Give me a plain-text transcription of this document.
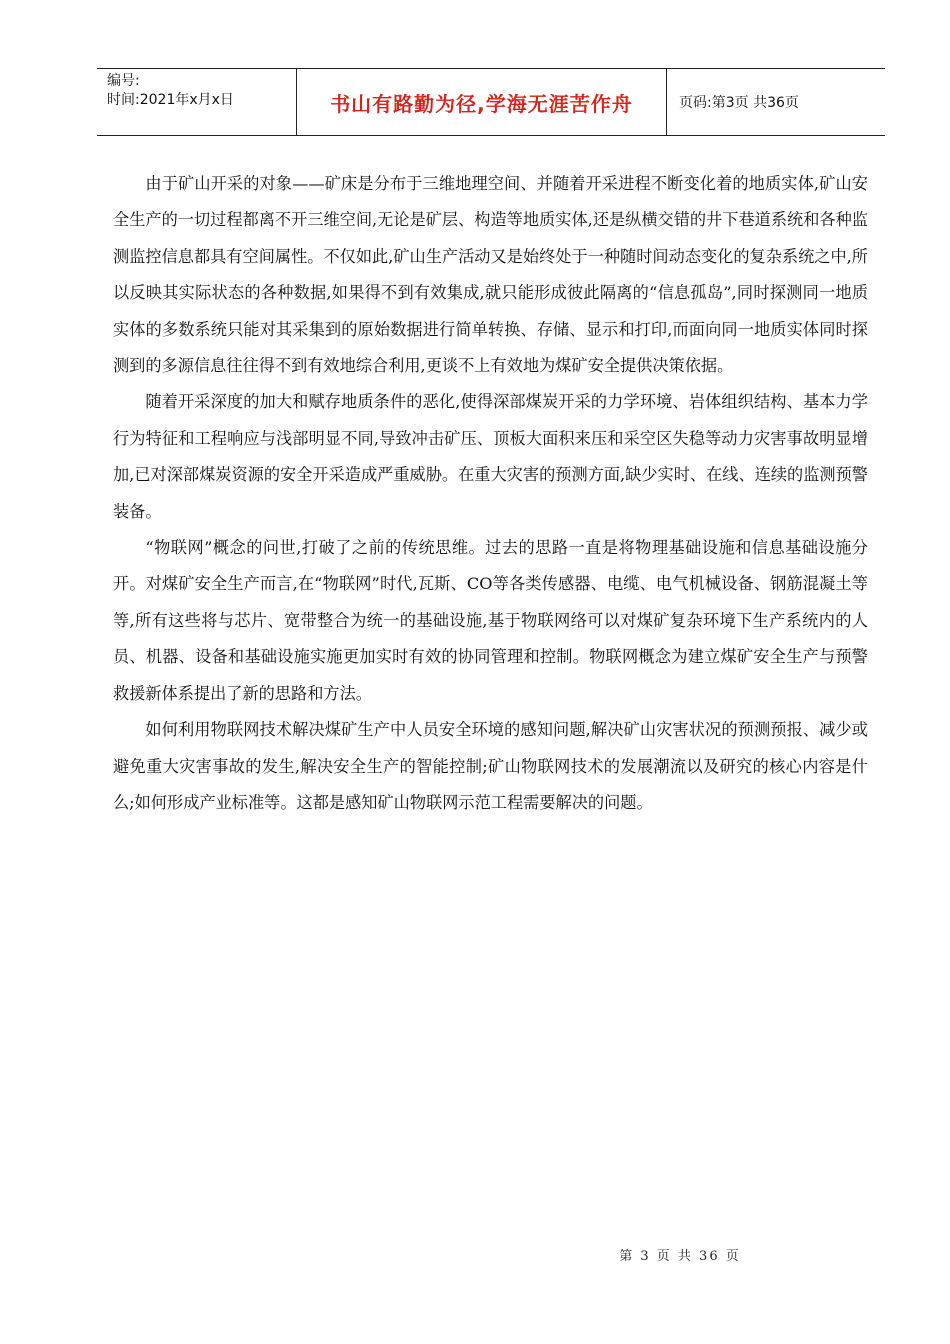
编号:
时间:2021年x月x日	书山有路勤为径,学海无涯苦作舟	页码:第3页 共36页

由于矿山开采的对象——矿床是分布于三维地理空间、并随着开采进程不断变化着的地质实体,矿山安全生产的一切过程都离不开三维空间,无论是矿层、构造等地质实体,还是纵横交错的井下巷道系统和各种监测监控信息都具有空间属性。不仅如此,矿山生产活动又是始终处于一种随时间动态变化的复杂系统之中,所以反映其实际状态的各种数据,如果得不到有效集成,就只能形成彼此隔离的“信息孤岛”,同时探测同一地质实体的多数系统只能对其采集到的原始数据进行简单转换、存储、显示和打印,而面向同一地质实体同时探测到的多源信息往往得不到有效地综合利用,更谈不上有效地为煤矿安全提供决策依据。

随着开采深度的加大和赋存地质条件的恶化,使得深部煤炭开采的力学环境、岩体组织结构、基本力学行为特征和工程响应与浅部明显不同,导致冲击矿压、顶板大面积来压和采空区失稳等动力灾害事故明显增加,已对深部煤炭资源的安全开采造成严重威胁。在重大灾害的预测方面,缺少实时、在线、连续的监测预警装备。

“物联网”概念的问世,打破了之前的传统思维。过去的思路一直是将物理基础设施和信息基础设施分开。对煤矿安全生产而言,在“物联网”时代,瓦斯、CO等各类传感器、电缆、电气机械设备、钢筋混凝土等等,所有这些将与芯片、宽带整合为统一的基础设施,基于物联网络可以对煤矿复杂环境下生产系统内的人员、机器、设备和基础设施实施更加实时有效的协同管理和控制。物联网概念为建立煤矿安全生产与预警救援新体系提出了新的思路和方法。

如何利用物联网技术解决煤矿生产中人员安全环境的感知问题,解决矿山灾害状况的预测预报、减少或避免重大灾害事故的发生,解决安全生产的智能控制;矿山物联网技术的发展潮流以及研究的核心内容是什么;如何形成产业标准等。这都是感知矿山物联网示范工程需要解决的问题。

第 3 页 共 36 页
